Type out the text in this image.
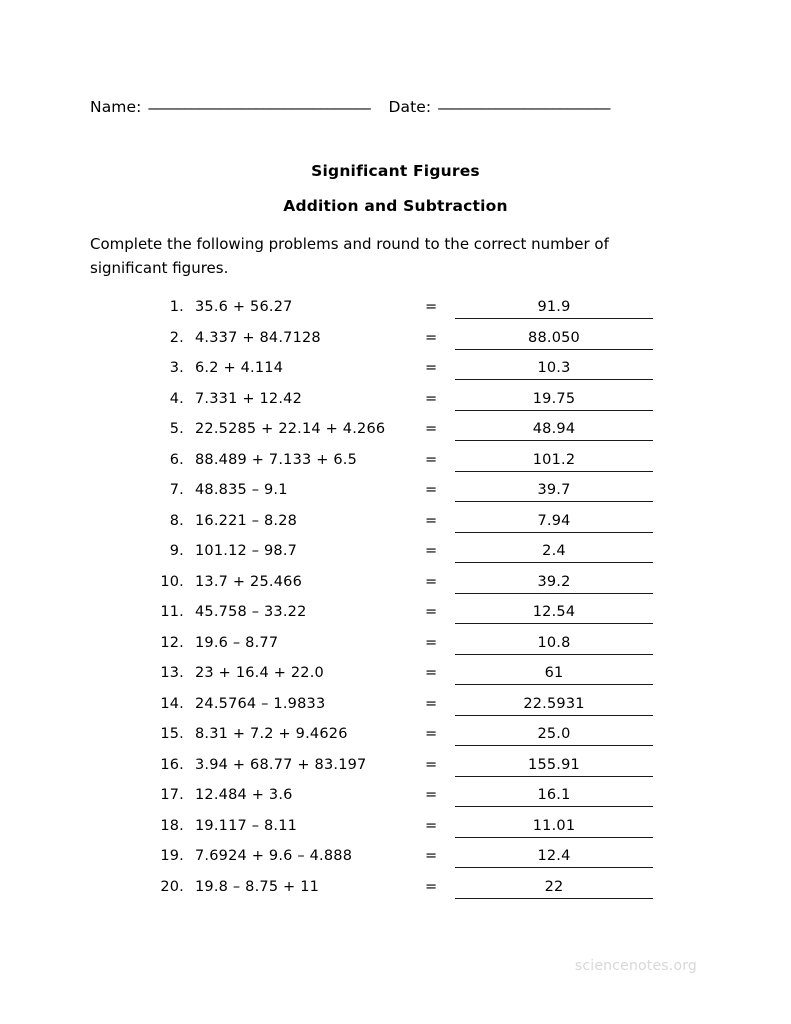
Name: _______________________________ Date: ________________________
Significant Figures
Addition and Subtraction
Complete the following problems and round to the correct number of significant figures.
1. 35.6 + 56.27	=	91.9
2. 4.337 + 84.7128	=	88.050
3. 6.2 + 4.114	=	10.3
4. 7.331 + 12.42	=	19.75
5. 22.5285 + 22.14 + 4.266	=	48.94
6. 88.489 + 7.133 + 6.5	=	101.2
7. 48.835 – 9.1	=	39.7
8. 16.221 – 8.28	=	7.94
9. 101.12 – 98.7	=	2.4
10. 13.7 + 25.466	=	39.2
11. 45.758 – 33.22	=	12.54
12. 19.6 – 8.77	=	10.8
13. 23 + 16.4 + 22.0	=	61
14. 24.5764 – 1.9833	=	22.5931
15. 8.31 + 7.2 + 9.4626	=	25.0
16. 3.94 + 68.77 + 83.197	=	155.91
17. 12.484 + 3.6	=	16.1
18. 19.117 – 8.11	=	11.01
19. 7.6924 + 9.6 – 4.888	=	12.4
20. 19.8 – 8.75 + 11	=	22
sciencenotes.org
